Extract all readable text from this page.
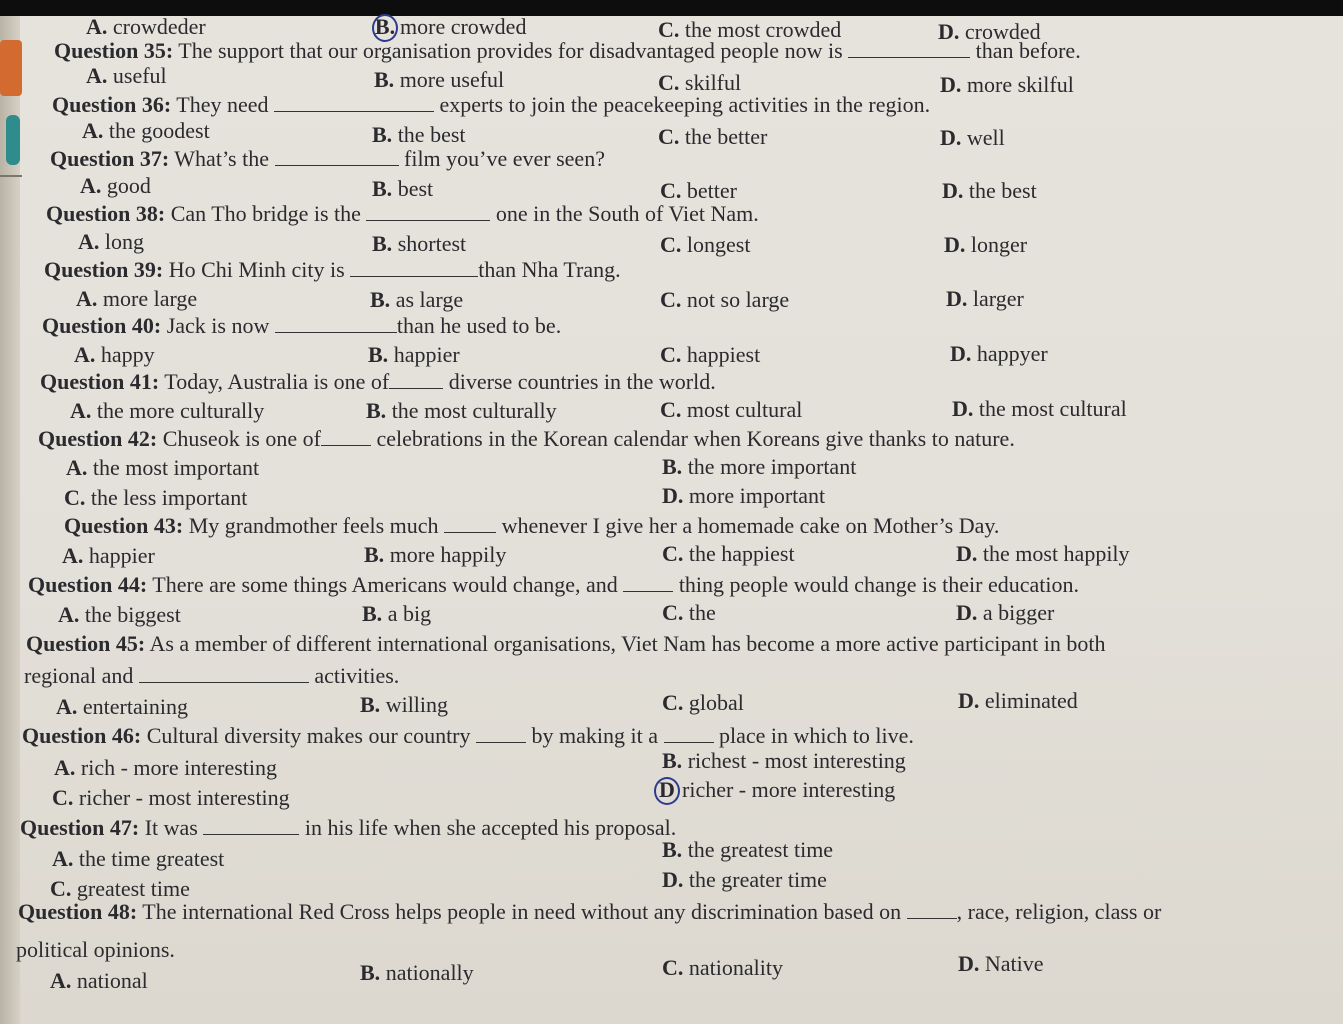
A. crowdeder	B. more crowded	C. the most crowded	D. crowded
Question 35: The support that our organisation provides for disadvantaged people now is	than before.
A. useful	B. more useful	C. skilful	D. more skilful
Question 36: They need	experts to join the peacekeeping activities in the region.
A. the goodest	B. the best	C. the better	D. well
Question 37: What’s the	film you’ve ever seen?
A. good	B. best	C. better	D. the best
Question 38: Can Tho bridge is the	one in the South of Viet Nam.
A. long	B. shortest	C. longest	D. longer
Question 39: Ho Chi Minh city is	than Nha Trang.
A. more large	B. as large	C. not so large	D. larger
Question 40: Jack is now	than he used to be.
A. happy	B. happier	C. happiest	D. happyer
Question 41: Today, Australia is one of	diverse countries in the world.
A. the more culturally	B. the most culturally	C. most cultural	D. the most cultural
Question 42: Chuseok is one of	celebrations in the Korean calendar when Koreans give thanks to nature.
A. the most important	B. the more important
C. the less important	D. more important
Question 43: My grandmother feels much	whenever I give her a homemade cake on Mother’s Day.
A. happier	B. more happily	C. the happiest	D. the most happily
Question 44: There are some things Americans would change, and	thing people would change is their education.
A. the biggest	B. a big	C. the	D. a bigger
Question 45: As a member of different international organisations, Viet Nam has become a more active participant in both
regional and	activities.
A. entertaining	B. willing	C. global	D. eliminated
Question 46: Cultural diversity makes our country	by making it a	place in which to live.
A. rich - more interesting	B. richest - most interesting
C. richer - most interesting	D richer - more interesting
Question 47: It was	in his life when she accepted his proposal.
A. the time greatest	B. the greatest time
C. greatest time	D. the greater time
Question 48: The international Red Cross helps people in need without any discrimination based on	, race, religion, class or
political opinions.
A. national	B. nationally	C. nationality	D. Native
